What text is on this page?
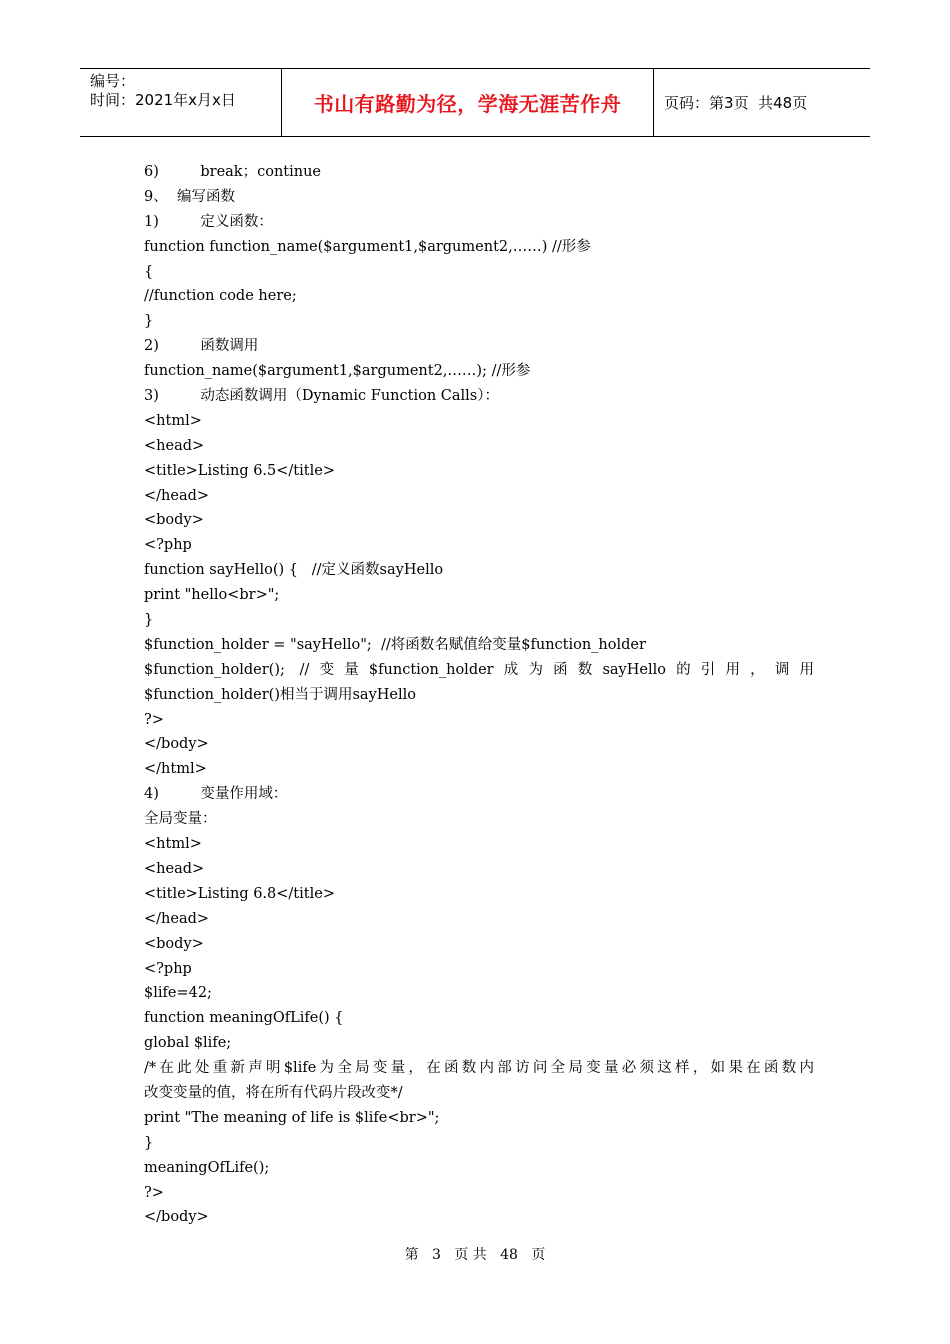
编号：
时间：2021年x月x日	书山有路勤为径，学海无涯苦作舟	页码：第 3 页  共 48 页
6)         break；continue
9、  编写函数
1)         定义函数：
function function_name($argument1,$argument2,……) //形参
{
//function code here;
}
2)         函数调用
function_name($argument1,$argument2,……); //形参
3)         动态函数调用（Dynamic Function Calls）：
<html>
<head>
<title>Listing 6.5</title>
</head>
<body>
<?php
function sayHello() {   //定义函数sayHello
print "hello<br>";
}
$function_holder = "sayHello";  //将函数名赋值给变量$function_holder
$function_holder(); //变量$function_holder成为函数sayHello的引用，调用
$function_holder()相当于调用sayHello
?>
</body>
</html>
4)         变量作用域：
全局变量：
<html>
<head>
<title>Listing 6.8</title>
</head>
<body>
<?php
$life=42;
function meaningOfLife() {
global $life;
/*在此处重新声明$life为全局变量，在函数内部访问全局变量必须这样，如果在函数内
改变变量的值，将在所有代码片段改变*/
print "The meaning of life is $life<br>";
}
meaningOfLife();
?>
</body>
第 3 页 共 48 页
